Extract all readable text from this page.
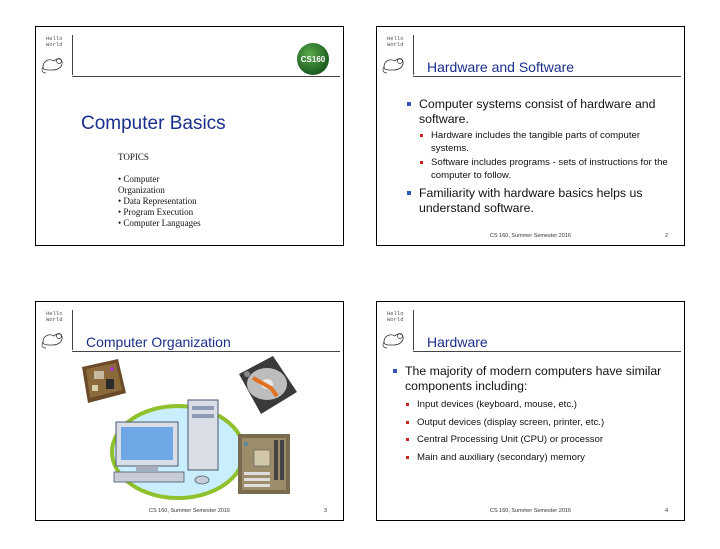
Hello
World
CS160
Computer Basics
TOPICS
• Computer
Organization
• Data Representation
• Program Execution
• Computer Languages
Hello
World
Hardware and Software
Computer systems consist of hardware and software.
Hardware includes the tangible parts of computer systems.
Software includes programs - sets of instructions for the computer to follow.
Familiarity with hardware basics helps us understand software.
CS 160, Summer Semester 2016	2
Hello
World
Computer Organization
CS 160, Summer Semester 2016	3
Hello
World
Hardware
The majority of modern computers have similar components including:
Input devices (keyboard, mouse, etc.)
Output devices (display screen, printer, etc.)
Central Processing Unit (CPU) or processor
Main and auxiliary (secondary) memory
CS 160, Summer Semester 2016	4
